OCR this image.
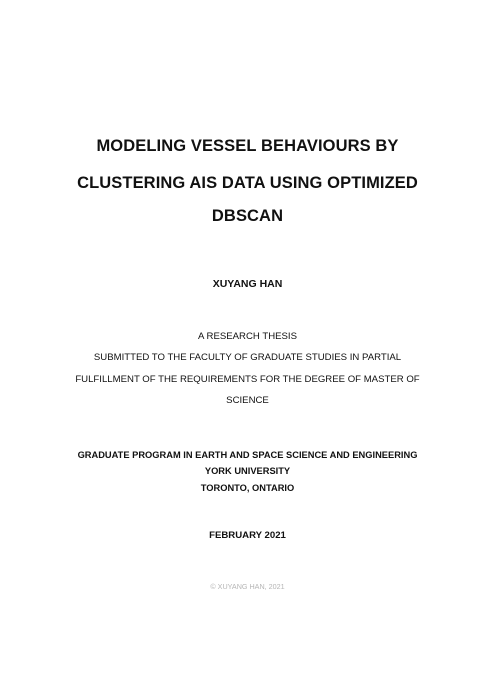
MODELING VESSEL BEHAVIOURS BY
CLUSTERING AIS DATA USING OPTIMIZED
DBSCAN
XUYANG HAN
A RESEARCH THESIS
SUBMITTED TO THE FACULTY OF GRADUATE STUDIES IN PARTIAL
FULFILLMENT OF THE REQUIREMENTS FOR THE DEGREE OF MASTER OF
SCIENCE
GRADUATE PROGRAM IN EARTH AND SPACE SCIENCE AND ENGINEERING
YORK UNIVERSITY
TORONTO, ONTARIO
FEBRUARY 2021
© XUYANG HAN, 2021
